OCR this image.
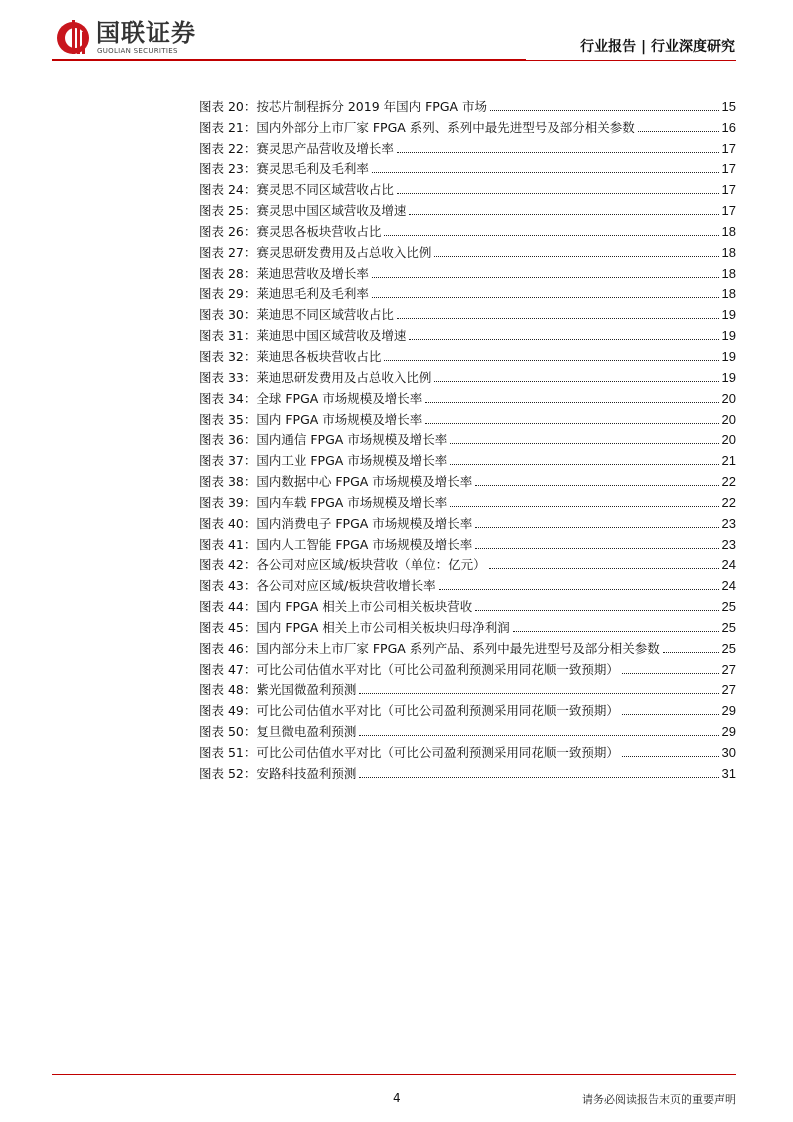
国联证券
GUOLIAN SECURITIES	行业报告 | 行业深度研究
图表 20：按芯片制程拆分 2019 年国内 FPGA 市场	15
图表 21：国内外部分上市厂家 FPGA 系列、系列中最先进型号及部分相关参数	16
图表 22：赛灵思产品营收及增长率	17
图表 23：赛灵思毛利及毛利率	17
图表 24：赛灵思不同区域营收占比	17
图表 25：赛灵思中国区域营收及增速	17
图表 26：赛灵思各板块营收占比	18
图表 27：赛灵思研发费用及占总收入比例	18
图表 28：莱迪思营收及增长率	18
图表 29：莱迪思毛利及毛利率	18
图表 30：莱迪思不同区域营收占比	19
图表 31：莱迪思中国区域营收及增速	19
图表 32：莱迪思各板块营收占比	19
图表 33：莱迪思研发费用及占总收入比例	19
图表 34：全球 FPGA 市场规模及增长率	20
图表 35：国内 FPGA 市场规模及增长率	20
图表 36：国内通信 FPGA 市场规模及增长率	20
图表 37：国内工业 FPGA 市场规模及增长率	21
图表 38：国内数据中心 FPGA 市场规模及增长率	22
图表 39：国内车载 FPGA 市场规模及增长率	22
图表 40：国内消费电子 FPGA 市场规模及增长率	23
图表 41：国内人工智能 FPGA 市场规模及增长率	23
图表 42：各公司对应区域/板块营收（单位：亿元）	24
图表 43：各公司对应区域/板块营收增长率	24
图表 44：国内 FPGA 相关上市公司相关板块营收	25
图表 45：国内 FPGA 相关上市公司相关板块归母净利润	25
图表 46：国内部分未上市厂家 FPGA 系列产品、系列中最先进型号及部分相关参数	25
图表 47：可比公司估值水平对比（可比公司盈利预测采用同花顺一致预期）	27
图表 48：紫光国微盈利预测	27
图表 49：可比公司估值水平对比（可比公司盈利预测采用同花顺一致预期）	29
图表 50：复旦微电盈利预测	29
图表 51：可比公司估值水平对比（可比公司盈利预测采用同花顺一致预期）	30
图表 52：安路科技盈利预测	31
4	请务必阅读报告末页的重要声明
